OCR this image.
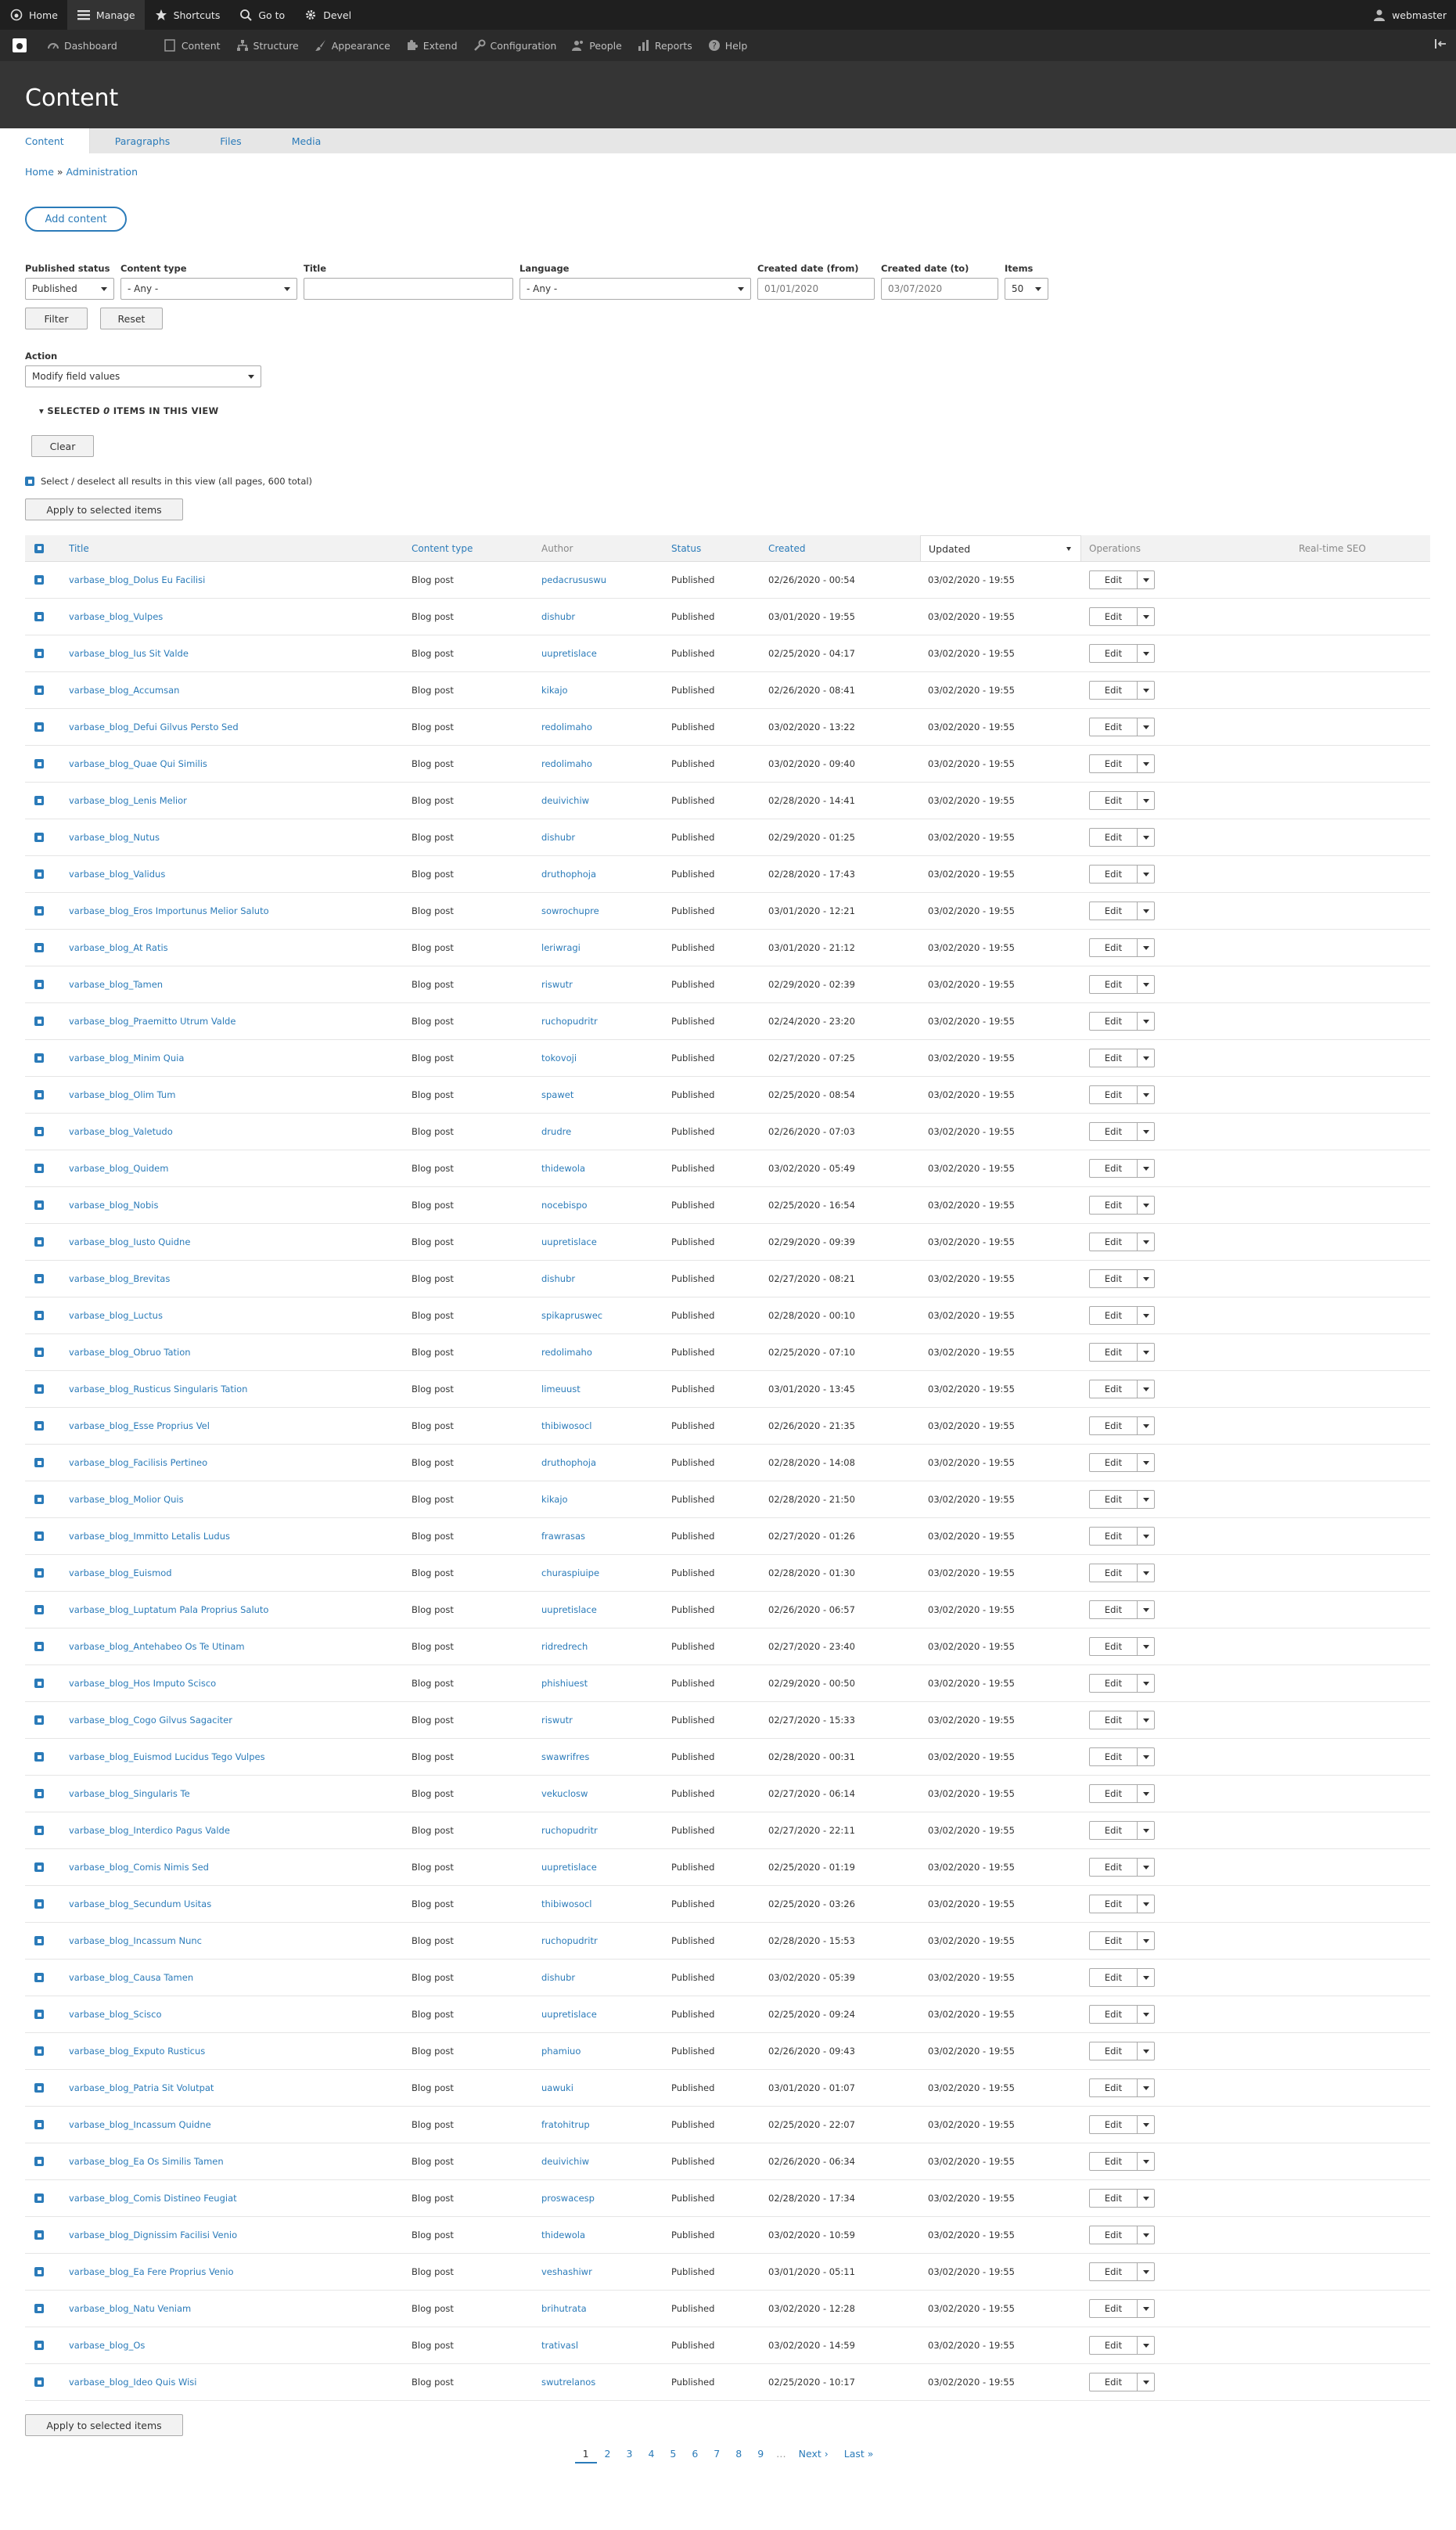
Home	Manage	Shortcuts	Go to	Devel	webmaster
Dashboard	Content	Structure	Appearance	Extend	Configuration	People	Reports ? Help
Content
Content	Paragraphs	Files	Media
Home » Administration
Add content
Published status
Published
Content type
- Any -
Title	Language
- Any -
Created date (from)
01/01/2020
Created date (to)
03/07/2020
Items
50
Filter	Reset
Action
Modify field values
▾ SELECTED 0 ITEMS IN THIS VIEW
Clear
Select / deselect all results in this view (all pages, 600 total)
Apply to selected items
Title	Content type	Author	Status	Created	Updated	Operations	Real-time SEO
varbase_blog_Dolus Eu Facilisi	Blog post	pedacrususwu	Published	02/26/2020 - 00:54	03/02/2020 - 19:55	Edit
varbase_blog_Vulpes	Blog post	dishubr	Published	03/01/2020 - 19:55	03/02/2020 - 19:55	Edit
varbase_blog_Ius Sit Valde	Blog post	uupretislace	Published	02/25/2020 - 04:17	03/02/2020 - 19:55	Edit
varbase_blog_Accumsan	Blog post	kikajo	Published	02/26/2020 - 08:41	03/02/2020 - 19:55	Edit
varbase_blog_Defui Gilvus Persto Sed	Blog post	redolimaho	Published	03/02/2020 - 13:22	03/02/2020 - 19:55	Edit
varbase_blog_Quae Qui Similis	Blog post	redolimaho	Published	03/02/2020 - 09:40	03/02/2020 - 19:55	Edit
varbase_blog_Lenis Melior	Blog post	deuivichiw	Published	02/28/2020 - 14:41	03/02/2020 - 19:55	Edit
varbase_blog_Nutus	Blog post	dishubr	Published	02/29/2020 - 01:25	03/02/2020 - 19:55	Edit
varbase_blog_Validus	Blog post	druthophoja	Published	02/28/2020 - 17:43	03/02/2020 - 19:55	Edit
varbase_blog_Eros Importunus Melior Saluto	Blog post	sowrochupre	Published	03/01/2020 - 12:21	03/02/2020 - 19:55	Edit
varbase_blog_At Ratis	Blog post	leriwragi	Published	03/01/2020 - 21:12	03/02/2020 - 19:55	Edit
varbase_blog_Tamen	Blog post	riswutr	Published	02/29/2020 - 02:39	03/02/2020 - 19:55	Edit
varbase_blog_Praemitto Utrum Valde	Blog post	ruchopudritr	Published	02/24/2020 - 23:20	03/02/2020 - 19:55	Edit
varbase_blog_Minim Quia	Blog post	tokovoji	Published	02/27/2020 - 07:25	03/02/2020 - 19:55	Edit
varbase_blog_Olim Tum	Blog post	spawet	Published	02/25/2020 - 08:54	03/02/2020 - 19:55	Edit
varbase_blog_Valetudo	Blog post	drudre	Published	02/26/2020 - 07:03	03/02/2020 - 19:55	Edit
varbase_blog_Quidem	Blog post	thidewola	Published	03/02/2020 - 05:49	03/02/2020 - 19:55	Edit
varbase_blog_Nobis	Blog post	nocebispo	Published	02/25/2020 - 16:54	03/02/2020 - 19:55	Edit
varbase_blog_Iusto Quidne	Blog post	uupretislace	Published	02/29/2020 - 09:39	03/02/2020 - 19:55	Edit
varbase_blog_Brevitas	Blog post	dishubr	Published	02/27/2020 - 08:21	03/02/2020 - 19:55	Edit
varbase_blog_Luctus	Blog post	spikapruswec	Published	02/28/2020 - 00:10	03/02/2020 - 19:55	Edit
varbase_blog_Obruo Tation	Blog post	redolimaho	Published	02/25/2020 - 07:10	03/02/2020 - 19:55	Edit
varbase_blog_Rusticus Singularis Tation	Blog post	limeuust	Published	03/01/2020 - 13:45	03/02/2020 - 19:55	Edit
varbase_blog_Esse Proprius Vel	Blog post	thibiwosocl	Published	02/26/2020 - 21:35	03/02/2020 - 19:55	Edit
varbase_blog_Facilisis Pertineo	Blog post	druthophoja	Published	02/28/2020 - 14:08	03/02/2020 - 19:55	Edit
varbase_blog_Molior Quis	Blog post	kikajo	Published	02/28/2020 - 21:50	03/02/2020 - 19:55	Edit
varbase_blog_Immitto Letalis Ludus	Blog post	frawrasas	Published	02/27/2020 - 01:26	03/02/2020 - 19:55	Edit
varbase_blog_Euismod	Blog post	churaspiuipe	Published	02/28/2020 - 01:30	03/02/2020 - 19:55	Edit
varbase_blog_Luptatum Pala Proprius Saluto	Blog post	uupretislace	Published	02/26/2020 - 06:57	03/02/2020 - 19:55	Edit
varbase_blog_Antehabeo Os Te Utinam	Blog post	ridredrech	Published	02/27/2020 - 23:40	03/02/2020 - 19:55	Edit
varbase_blog_Hos Imputo Scisco	Blog post	phishiuest	Published	02/29/2020 - 00:50	03/02/2020 - 19:55	Edit
varbase_blog_Cogo Gilvus Sagaciter	Blog post	riswutr	Published	02/27/2020 - 15:33	03/02/2020 - 19:55	Edit
varbase_blog_Euismod Lucidus Tego Vulpes	Blog post	swawrifres	Published	02/28/2020 - 00:31	03/02/2020 - 19:55	Edit
varbase_blog_Singularis Te	Blog post	vekuclosw	Published	02/27/2020 - 06:14	03/02/2020 - 19:55	Edit
varbase_blog_Interdico Pagus Valde	Blog post	ruchopudritr	Published	02/27/2020 - 22:11	03/02/2020 - 19:55	Edit
varbase_blog_Comis Nimis Sed	Blog post	uupretislace	Published	02/25/2020 - 01:19	03/02/2020 - 19:55	Edit
varbase_blog_Secundum Usitas	Blog post	thibiwosocl	Published	02/25/2020 - 03:26	03/02/2020 - 19:55	Edit
varbase_blog_Incassum Nunc	Blog post	ruchopudritr	Published	02/28/2020 - 15:53	03/02/2020 - 19:55	Edit
varbase_blog_Causa Tamen	Blog post	dishubr	Published	03/02/2020 - 05:39	03/02/2020 - 19:55	Edit
varbase_blog_Scisco	Blog post	uupretislace	Published	02/25/2020 - 09:24	03/02/2020 - 19:55	Edit
varbase_blog_Exputo Rusticus	Blog post	phamiuo	Published	02/26/2020 - 09:43	03/02/2020 - 19:55	Edit
varbase_blog_Patria Sit Volutpat	Blog post	uawuki	Published	03/01/2020 - 01:07	03/02/2020 - 19:55	Edit
varbase_blog_Incassum Quidne	Blog post	fratohitrup	Published	02/25/2020 - 22:07	03/02/2020 - 19:55	Edit
varbase_blog_Ea Os Similis Tamen	Blog post	deuivichiw	Published	02/26/2020 - 06:34	03/02/2020 - 19:55	Edit
varbase_blog_Comis Distineo Feugiat	Blog post	proswacesp	Published	02/28/2020 - 17:34	03/02/2020 - 19:55	Edit
varbase_blog_Dignissim Facilisi Venio	Blog post	thidewola	Published	03/02/2020 - 10:59	03/02/2020 - 19:55	Edit
varbase_blog_Ea Fere Proprius Venio	Blog post	veshashiwr	Published	03/01/2020 - 05:11	03/02/2020 - 19:55	Edit
varbase_blog_Natu Veniam	Blog post	brihutrata	Published	03/02/2020 - 12:28	03/02/2020 - 19:55	Edit
varbase_blog_Os	Blog post	trativasl	Published	03/02/2020 - 14:59	03/02/2020 - 19:55	Edit
varbase_blog_Ideo Quis Wisi	Blog post	swutrelanos	Published	02/25/2020 - 10:17	03/02/2020 - 19:55	Edit
Apply to selected items
1	2	3	4	5	6	7	8	9	…	Next ›	Last »
